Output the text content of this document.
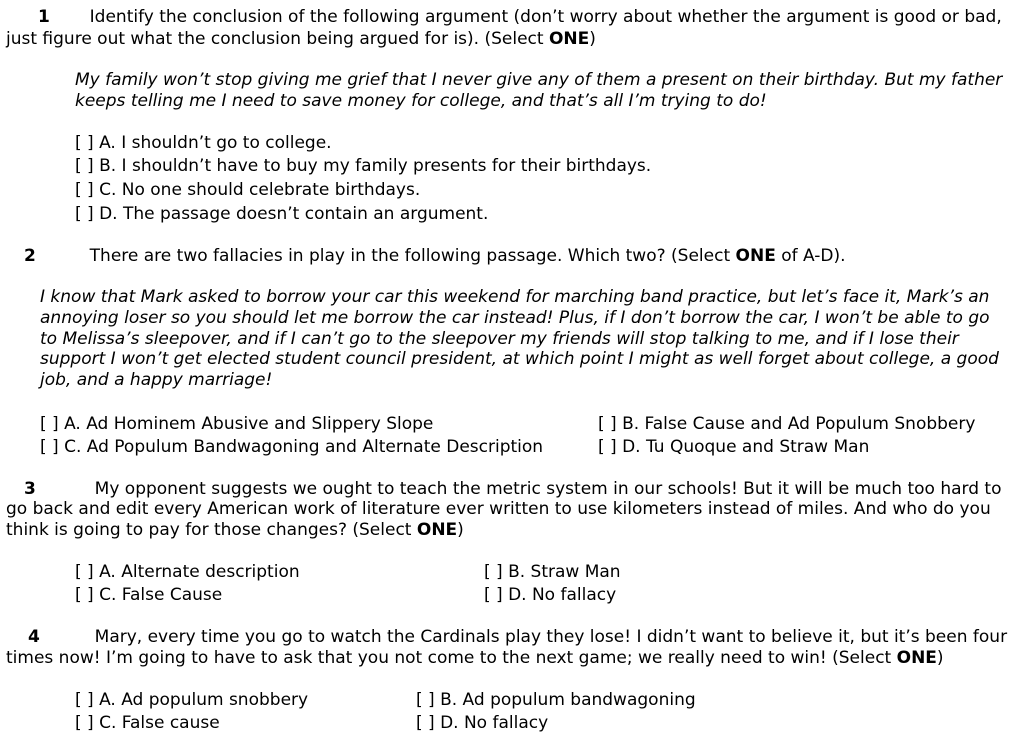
1 Identify the conclusion of the following argument (don’t worry about whether the argument is good or bad,
just figure out what the conclusion being argued for is). (Select ONE)
My family won’t stop giving me grief that I never give any of them a present on their birthday. But my father
keeps telling me I need to save money for college, and that’s all I’m trying to do!
[ ] A. I shouldn’t go to college.
[ ] B. I shouldn’t have to buy my family presents for their birthdays.
[ ] C. No one should celebrate birthdays.
[ ] D. The passage doesn’t contain an argument.
2	There are two fallacies in play in the following passage. Which two? (Select ONE of A-D).
I know that Mark asked to borrow your car this weekend for marching band practice, but let’s face it, Mark’s an
annoying loser so you should let me borrow the car instead! Plus, if I don’t borrow the car, I won’t be able to go
to Melissa’s sleepover, and if I can’t go to the sleepover my friends will stop talking to me, and if I lose their
support I won’t get elected student council president, at which point I might as well forget about college, a good
job, and a happy marriage!
[ ] A. Ad Hominem Abusive and Slippery Slope	[ ] B. False Cause and Ad Populum Snobbery
[ ] C. Ad Populum Bandwagoning and Alternate Description	[ ] D. Tu Quoque and Straw Man
3	My opponent suggests we ought to teach the metric system in our schools! But it will be much too hard to
go back and edit every American work of literature ever written to use kilometers instead of miles. And who do you
think is going to pay for those changes? (Select ONE)
[ ] A. Alternate description	[ ] B. Straw Man
[ ] C. False Cause	[ ] D. No fallacy
4	Mary, every time you go to watch the Cardinals play they lose! I didn’t want to believe it, but it’s been four
times now! I’m going to have to ask that you not come to the next game; we really need to win! (Select ONE)
[ ] A. Ad populum snobbery	[ ] B. Ad populum bandwagoning
[ ] C. False cause	[ ] D. No fallacy
